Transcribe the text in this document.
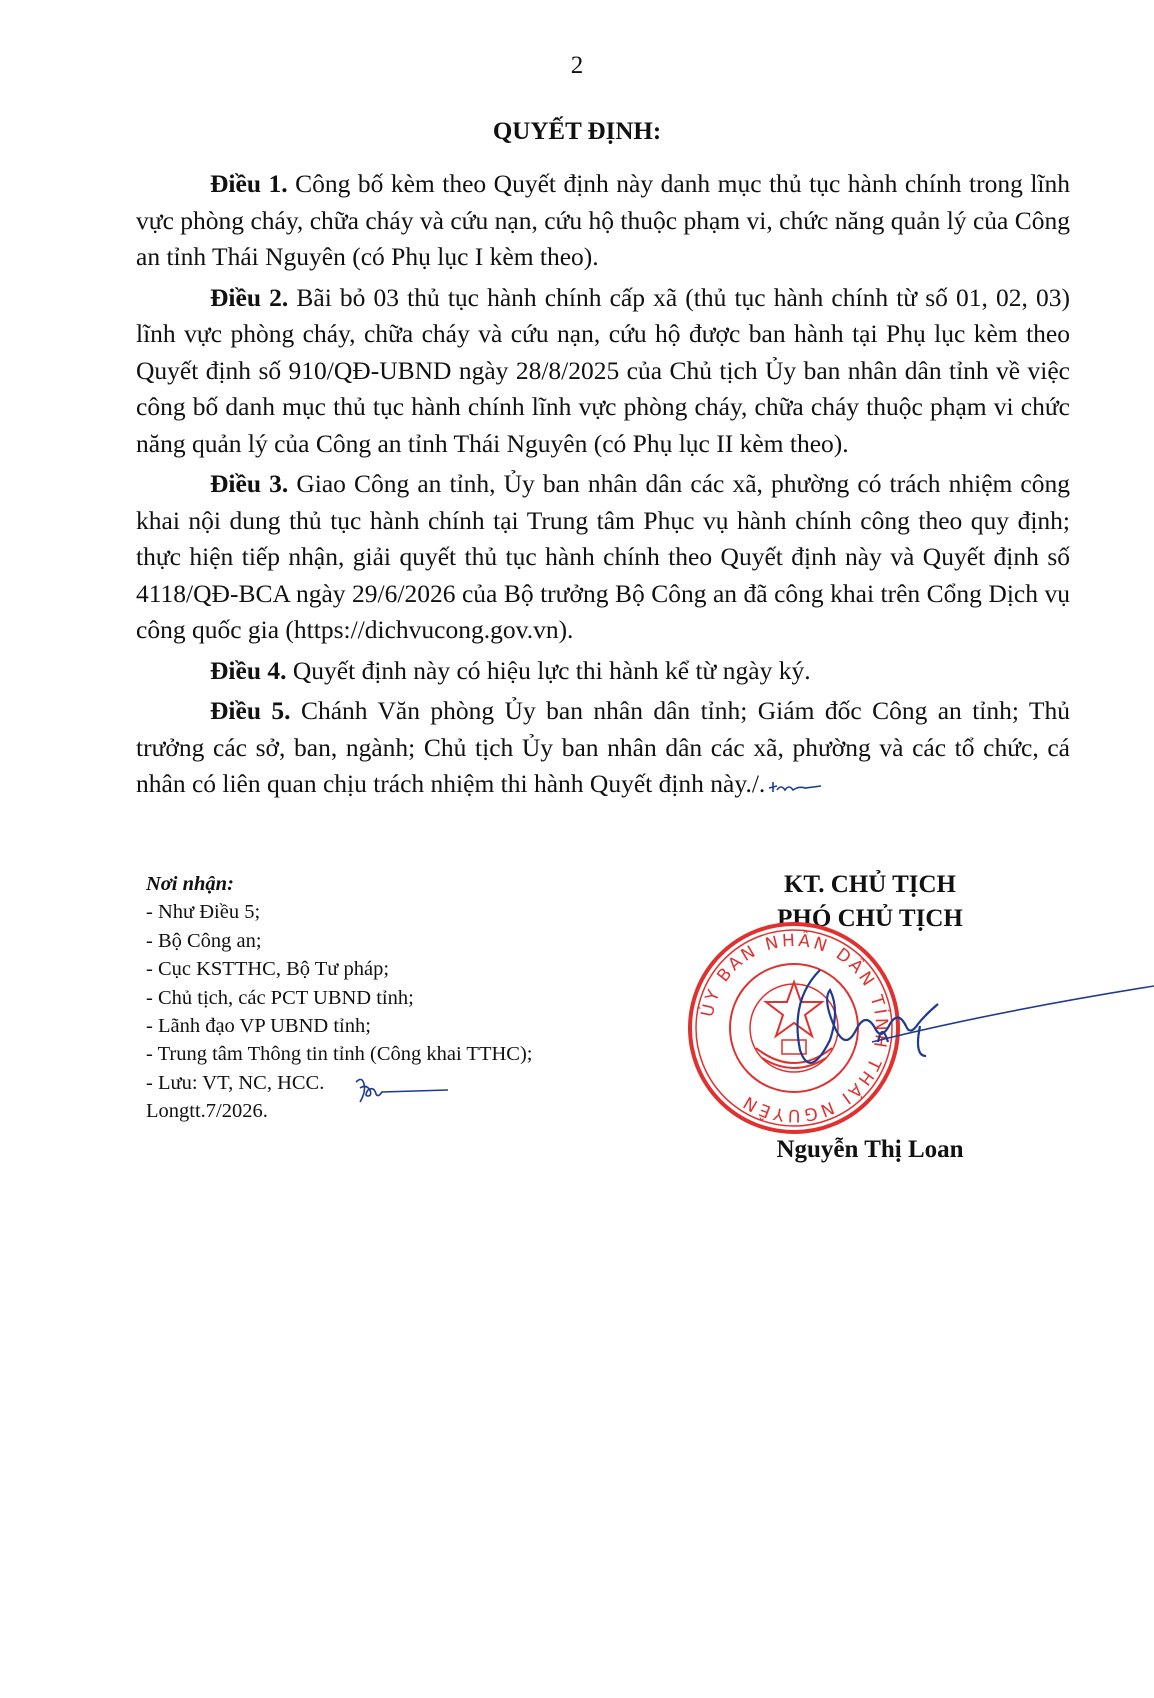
2
QUYẾT ĐỊNH:

Điều 1. Công bố kèm theo Quyết định này danh mục thủ tục hành chính trong lĩnh vực phòng cháy, chữa cháy và cứu nạn, cứu hộ thuộc phạm vi, chức năng quản lý của Công an tỉnh Thái Nguyên (có Phụ lục I kèm theo).

Điều 2. Bãi bỏ 03 thủ tục hành chính cấp xã (thủ tục hành chính từ số 01, 02, 03) lĩnh vực phòng cháy, chữa cháy và cứu nạn, cứu hộ được ban hành tại Phụ lục kèm theo Quyết định số 910/QĐ-UBND ngày 28/8/2025 của Chủ tịch Ủy ban nhân dân tỉnh về việc công bố danh mục thủ tục hành chính lĩnh vực phòng cháy, chữa cháy thuộc phạm vi chức năng quản lý của Công an tỉnh Thái Nguyên (có Phụ lục II kèm theo).

Điều 3. Giao Công an tỉnh, Ủy ban nhân dân các xã, phường có trách nhiệm công khai nội dung thủ tục hành chính tại Trung tâm Phục vụ hành chính công theo quy định; thực hiện tiếp nhận, giải quyết thủ tục hành chính theo Quyết định này và Quyết định số 4118/QĐ-BCA ngày 29/6/2026 của Bộ trưởng Bộ Công an đã công khai trên Cổng Dịch vụ công quốc gia (https://dichvucong.gov.vn).

Điều 4. Quyết định này có hiệu lực thi hành kể từ ngày ký.

Điều 5. Chánh Văn phòng Ủy ban nhân dân tỉnh; Giám đốc Công an tỉnh; Thủ trưởng các sở, ban, ngành; Chủ tịch Ủy ban nhân dân các xã, phường và các tổ chức, cá nhân có liên quan chịu trách nhiệm thi hành Quyết định này./.

Nơi nhận:
- Như Điều 5;
- Bộ Công an;
- Cục KSTTHC, Bộ Tư pháp;
- Chủ tịch, các PCT UBND tỉnh;
- Lãnh đạo VP UBND tỉnh;
- Trung tâm Thông tin tỉnh (Công khai TTHC);
- Lưu: VT, NC, HCC.
Longtt.7/2026.
KT. CHỦ TỊCH
PHÓ CHỦ TỊCH
ỦY BAN NHÂN DÂN TỈNH THÁI NGUYÊN
Nguyễn Thị Loan
